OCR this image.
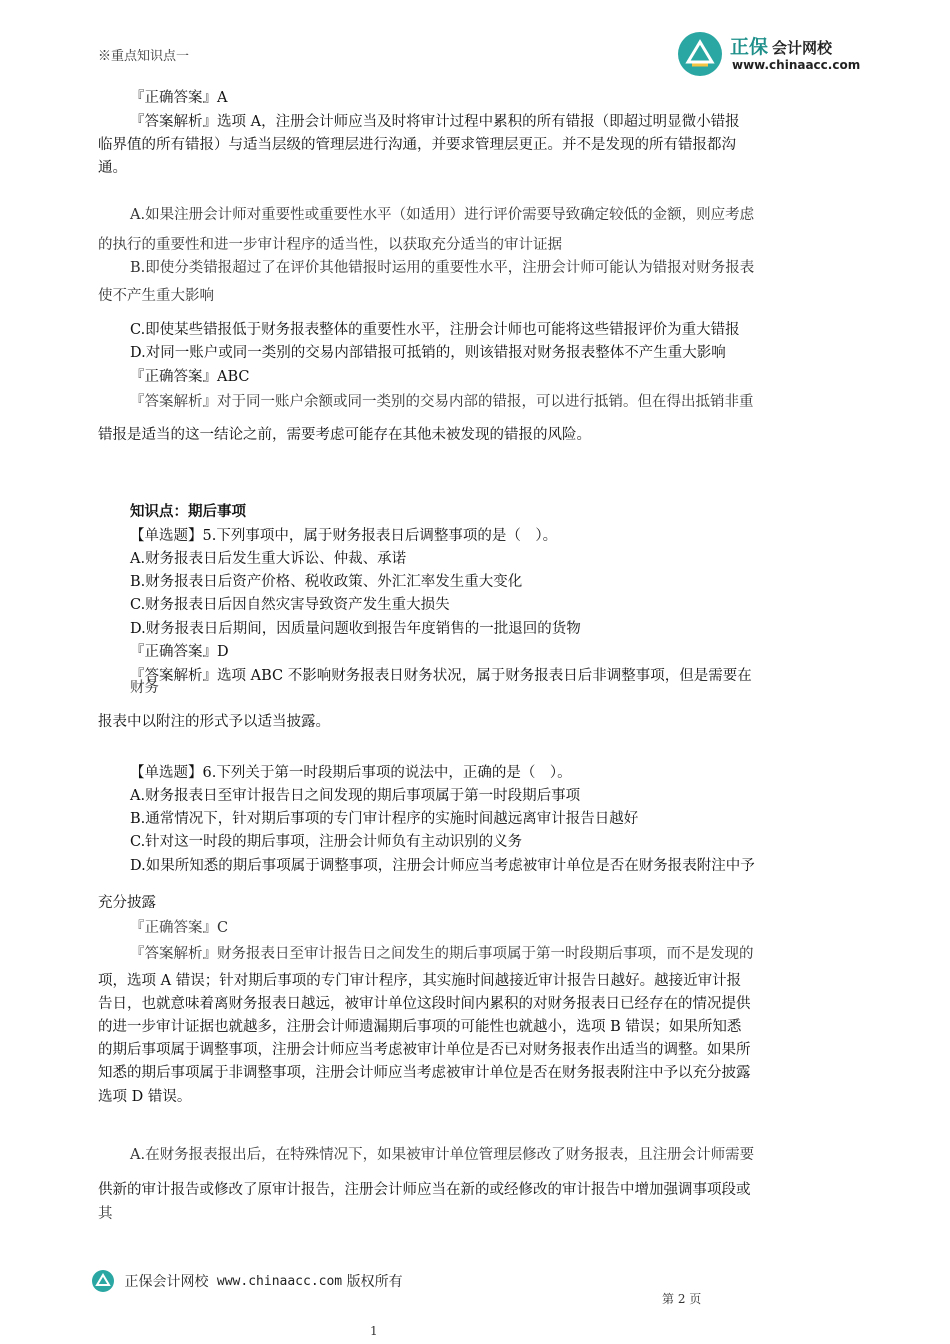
※重点知识点一	正保 会计网校
www.chinaacc.com
『正确答案』A
『答案解析』选项 A，注册会计师应当及时将审计过程中累积的所有错报（即超过明显微小错报
临界值的所有错报）与适当层级的管理层进行沟通，并要求管理层更正。并不是发现的所有错报都沟
通。
C.即使某些错报低于财务报表整体的重要性水平，注册会计师也可能将这些错报评价为重大错报
D.对同一账户或同一类别的交易内部错报可抵销的，则该错报对财务报表整体不产生重大影响
『正确答案』ABC
错报是适当的这一结论之前，需要考虑可能存在其他未被发现的错报的风险。
【单选题】5.下列事项中，属于财务报表日后调整事项的是（　）。
A.财务报表日后发生重大诉讼、仲裁、承诺
B.财务报表日后资产价格、税收政策、外汇汇率发生重大变化
C.财务报表日后因自然灾害导致资产发生重大损失
D.财务报表日后期间，因质量问题收到报告年度销售的一批退回的货物
『正确答案』D
『答案解析』选项 ABC 不影响财务报表日财务状况，属于财务报表日后非调整事项，但是需要在
报表中以附注的形式予以适当披露。
【单选题】6.下列关于第一时段期后事项的说法中，正确的是（　）。
A.财务报表日至审计报告日之间发现的期后事项属于第一时段期后事项
B.通常情况下，针对期后事项的专门审计程序的实施时间越远离审计报告日越好
C.针对这一时段的期后事项，注册会计师负有主动识别的义务
D.如果所知悉的期后事项属于调整事项，注册会计师应当考虑被审计单位是否在财务报表附注中予
充分披露
项，选项 A 错误；针对期后事项的专门审计程序，其实施时间越接近审计报告日越好。越接近审计报
告日，也就意味着离财务报表日越远，被审计单位这段时间内累积的对财务报表日已经存在的情况提供
的进一步审计证据也就越多，注册会计师遗漏期后事项的可能性也就越小，选项 B 错误；如果所知悉
的期后事项属于调整事项，注册会计师应当考虑被审计单位是否已对财务报表作出适当的调整。如果所
知悉的期后事项属于非调整事项，注册会计师应当考虑被审计单位是否在财务报表附注中予以充分披露
选项 D 错误。
供新的审计报告或修改了原审计报告，注册会计师应当在新的或经修改的审计报告中增加强调事项段或
A.如果注册会计师对重要性或重要性水平（如适用）进行评价需要导致确定较低的金额，则应考虑
的执行的重要性和进一步审计程序的适当性，以获取充分适当的审计证据
B.即使分类错报超过了在评价其他错报时运用的重要性水平，注册会计师可能认为错报对财务报表
使不产生重大影响
『答案解析』对于同一账户余额或同一类别的交易内部的错报，可以进行抵销。但在得出抵销非重
财务
『正确答案』C
『答案解析』财务报表日至审计报告日之间发生的期后事项属于第一时段期后事项，而不是发现的
A.在财务报表报出后，在特殊情况下，如果被审计单位管理层修改了财务报表，且注册会计师需要
其
知识点：期后事项
正保会计网校 www.chinaacc.com 版权所有
第 2 页
1
